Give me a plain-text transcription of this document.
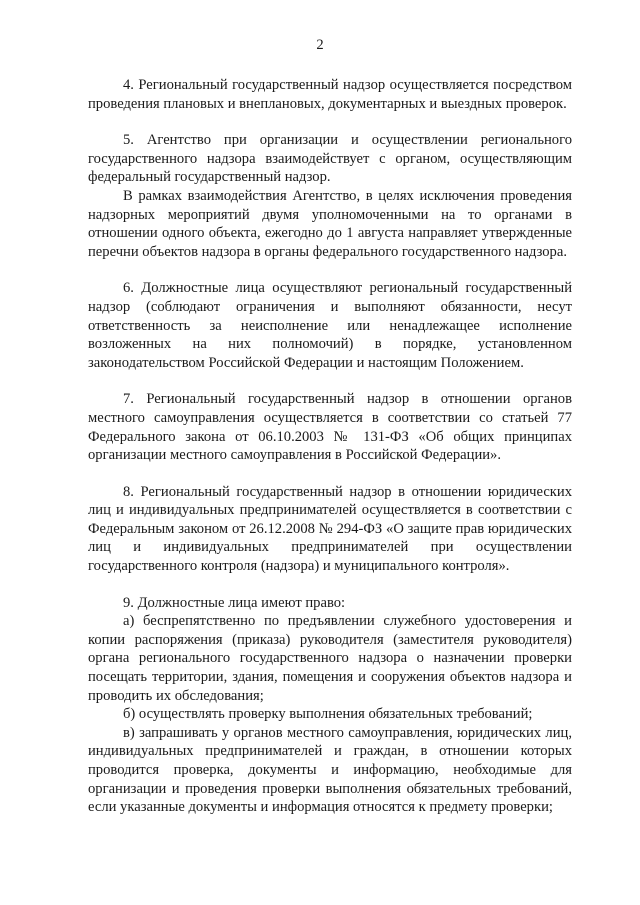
2

4. Региональный государственный надзор осуществляется посредством проведения плановых и внеплановых, документарных и выездных проверок.

5. Агентство при организации и осуществлении регионального государственного надзора взаимодействует с органом, осуществляющим федеральный государственный надзор.

В рамках взаимодействия Агентство, в целях исключения проведения надзорных мероприятий двумя уполномоченными на то органами в отношении одного объекта, ежегодно до 1 августа направляет утвержденные перечни объектов надзора в органы федерального государственного надзора.

6. Должностные лица осуществляют региональный государственный надзор (соблюдают ограничения и выполняют обязанности, несут ответственность за неисполнение или ненадлежащее исполнение возложенных на них полномочий) в порядке, установленном законодательством Российской Федерации и настоящим Положением.

7. Региональный государственный надзор в отношении органов местного самоуправления осуществляется в соответствии со статьей 77 Федерального закона от 06.10.2003 № 131-ФЗ «Об общих принципах организации местного самоуправления в Российской Федерации».

8. Региональный государственный надзор в отношении юридических лиц и индивидуальных предпринимателей осуществляется в соответствии с Федеральным законом от 26.12.2008 № 294-ФЗ «О защите прав юридических лиц и индивидуальных предпринимателей при осуществлении государственного контроля (надзора) и муниципального контроля».

9. Должностные лица имеют право:

а) беспрепятственно по предъявлении служебного удостоверения и копии распоряжения (приказа) руководителя (заместителя руководителя) органа регионального государственного надзора о назначении проверки посещать территории, здания, помещения и сооружения объектов надзора и проводить их обследования;

б) осуществлять проверку выполнения обязательных требований;

в) запрашивать у органов местного самоуправления, юридических лиц, индивидуальных предпринимателей и граждан, в отношении которых проводится проверка, документы и информацию, необходимые для организации и проведения проверки выполнения обязательных требований, если указанные документы и информация относятся к предмету проверки;
